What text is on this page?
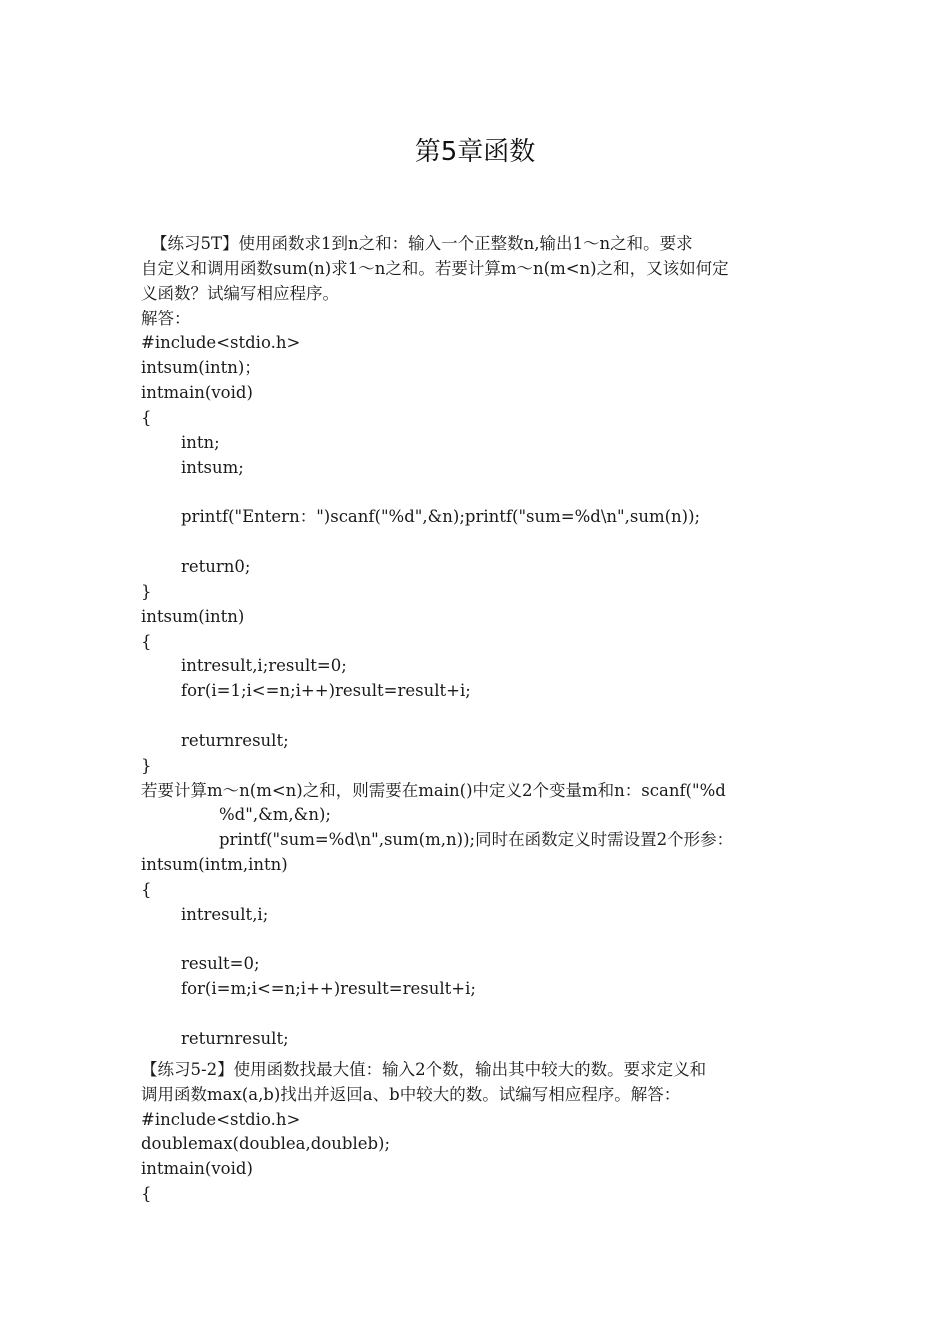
第5章函数
【练习5T】使用函数求1到n之和：输入一个正整数n,输出1〜n之和。要求
自定义和调用函数sum(n)求1〜n之和。若要计算m〜n(m<n)之和，又该如何定
义函数？试编写相应程序。
解答：
#include<stdio.h>
intsum(intn)；
intmain(void)
{
intn;
intsum;
printf("Entern：")scanf("%d",&n);printf("sum=%d\n",sum(n));
return0;
}
intsum(intn)
{
intresult,i;result=0;
for(i=1;i<=n;i++)result=result+i;
returnresult;
}
若要计算m〜n(m<n)之和，则需要在main()中定义2个变量m和n：scanf("%d
%d",&m,&n);
printf("sum=%d\n",sum(m,n));同时在函数定义时需设置2个形参：
intsum(intm,intn)
{
intresult,i;
result=0;
for(i=m;i<=n;i++)result=result+i;
returnresult;
【练习5-2】使用函数找最大值：输入2个数，输出其中较大的数。要求定义和
调用函数max(a,b)找出并返回a、b中较大的数。试编写相应程序。解答：
#include<stdio.h>
doublemax(doublea,doubleb);
intmain(void)
{
